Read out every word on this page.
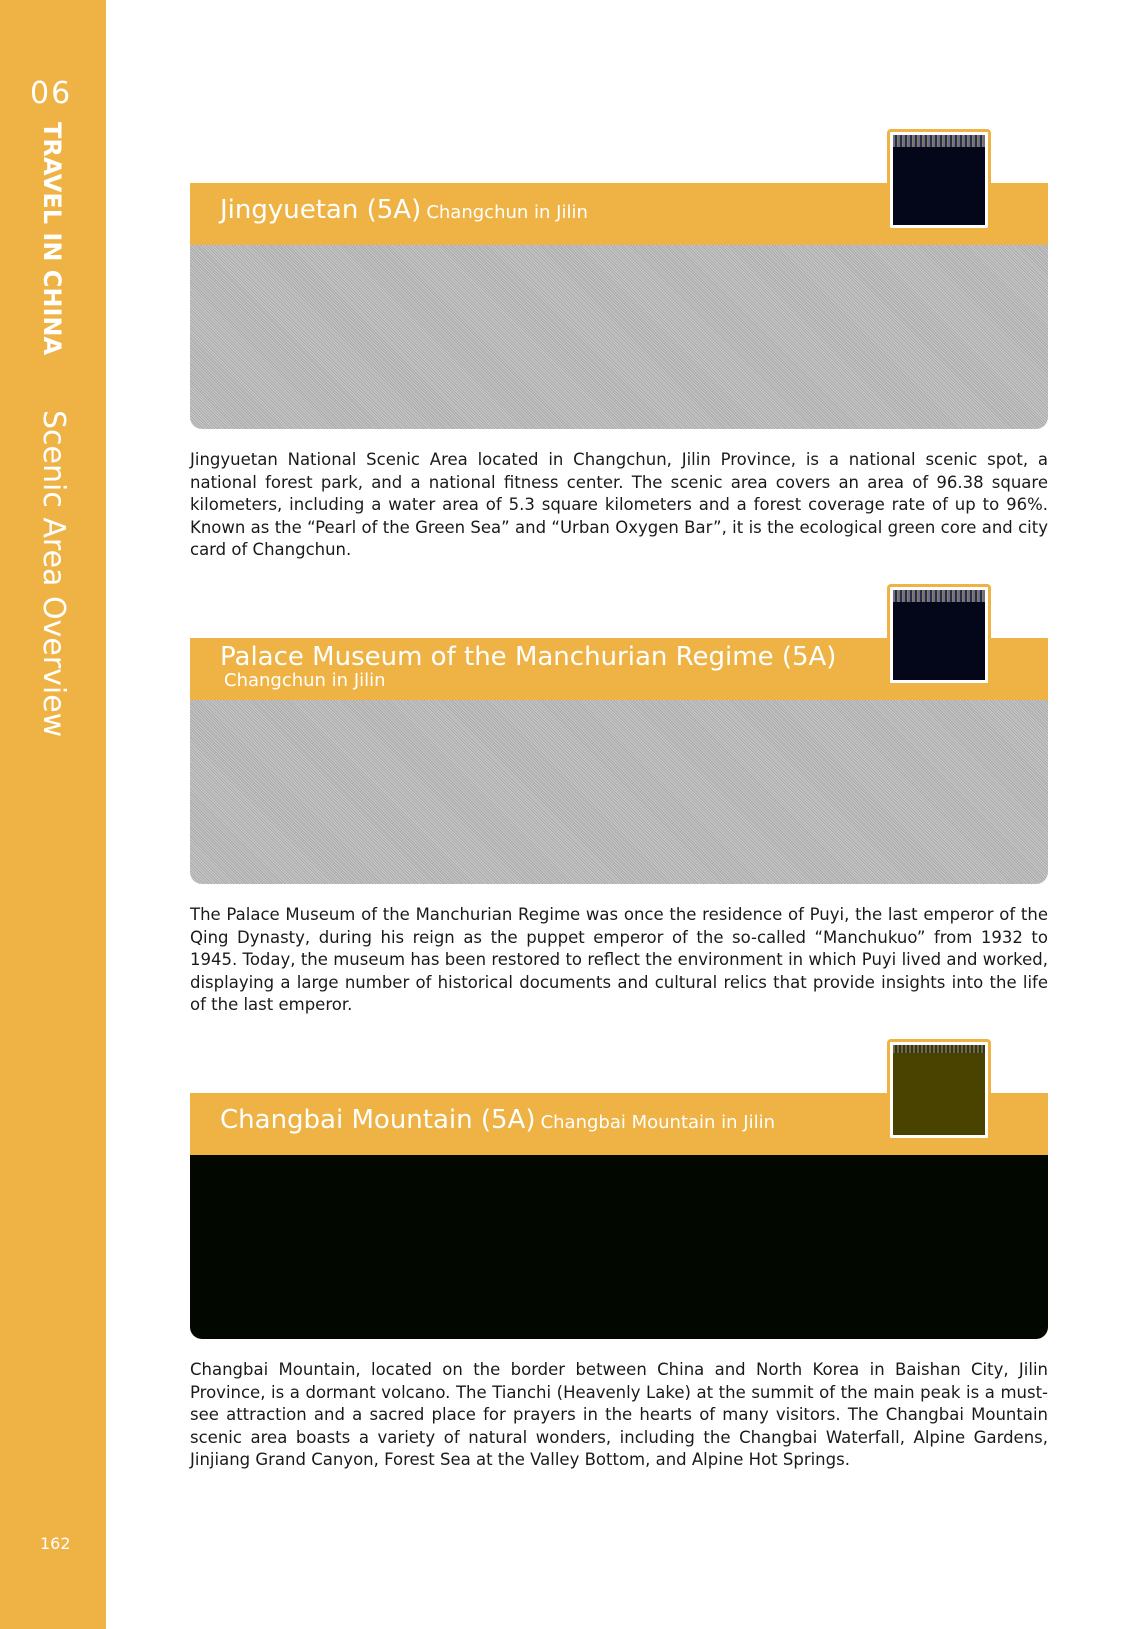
06
TRAVEL IN CHINA
Scenic Area Overview
162
Jingyuetan (5A) Changchun in Jilin

Jingyuetan National Scenic Area located in Changchun, Jilin Province, is a national scenic spot, a national forest park, and a national fitness center. The scenic area covers an area of 96.38 square kilometers, including a water area of 5.3 square kilometers and a forest coverage rate of up to 96%. Known as the “Pearl of the Green Sea” and “Urban Oxygen Bar”, it is the ecological green core and city card of Changchun.

Palace Museum of the Manchurian Regime (5A)
Changchun in Jilin

The Palace Museum of the Manchurian Regime was once the residence of Puyi, the last emperor of the Qing Dynasty, during his reign as the puppet emperor of the so-called “Manchukuo” from 1932 to 1945. Today, the museum has been restored to reflect the environment in which Puyi lived and worked, displaying a large number of historical documents and cultural relics that provide insights into the life of the last emperor.

Changbai Mountain (5A) Changbai Mountain in Jilin

Changbai Mountain, located on the border between China and North Korea in Baishan City, Jilin Province, is a dormant volcano. The Tianchi (Heavenly Lake) at the summit of the main peak is a must-see attraction and a sacred place for prayers in the hearts of many visitors. The Changbai Mountain scenic area boasts a variety of natural wonders, including the Changbai Waterfall, Alpine Gardens, Jinjiang Grand Canyon, Forest Sea at the Valley Bottom, and Alpine Hot Springs.
